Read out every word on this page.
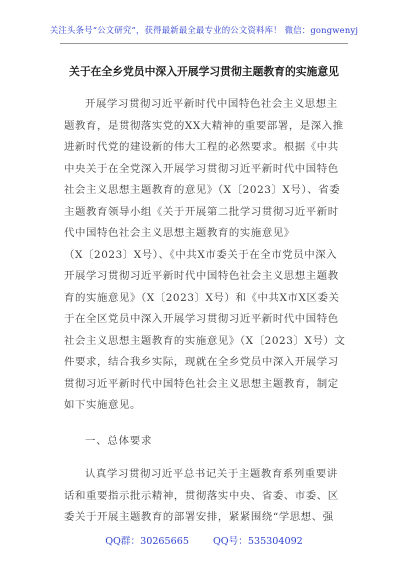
关注头条号“公文研究”，获得最新最全最专业的公文资料库！ 微信：gongwenyj
关于在全乡党员中深入开展学习贯彻主题教育的实施意见
开展学习贯彻习近平新时代中国特色社会主义思想主
题教育，是贯彻落实党的XX大精神的重要部署，是深入推
进新时代党的建设新的伟大工程的必然要求。根据《中共
中央关于在全党深入开展学习贯彻习近平新时代中国特色
社会主义思想主题教育的意见》（X〔2023〕X号）、省委
主题教育领导小组《关于开展第二批学习贯彻习近平新时
代中国特色社会主义思想主题教育的实施意见》
（X〔2023〕X号）、《中共X市委关于在全市党员中深入
开展学习贯彻习近平新时代中国特色社会主义思想主题教
育的实施意见》（X〔2023〕X号）和《中共X市X区委关
于在全区党员中深入开展学习贯彻习近平新时代中国特色
社会主义思想主题教育的实施意见》（X〔2023〕X号）文
件要求，结合我乡实际，现就在全乡党员中深入开展学习
贯彻习近平新时代中国特色社会主义思想主题教育，制定
如下实施意见。
一、总体要求
认真学习贯彻习近平总书记关于主题教育系列重要讲
话和重要指示批示精神，贯彻落实中央、省委、市委、区
委关于开展主题教育的部署安排，紧紧围绕“学思想、强
QQ群：30265665	QQ号：535304092
